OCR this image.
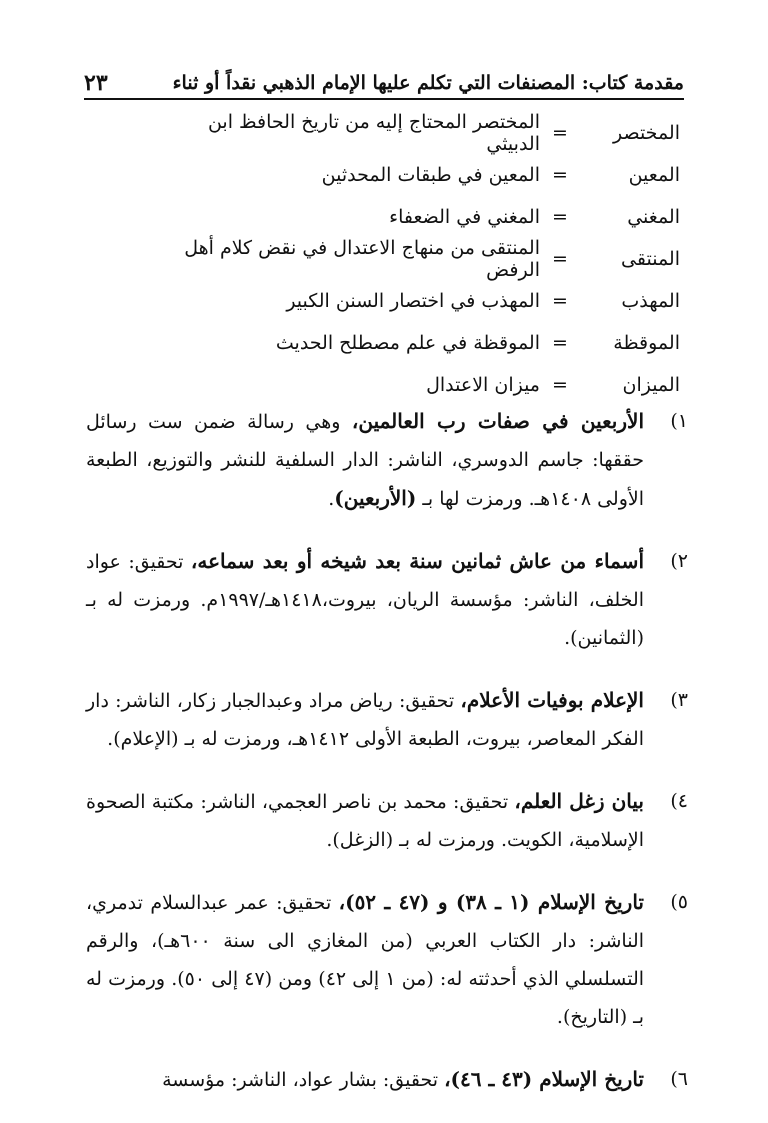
مقدمة كتاب: المصنفات التي تكلم عليها الإمام الذهبي نقداً أو ثناء
٢٣
المختصر
=
المختصر المحتاج إليه من تاريخ الحافظ ابن الدبيثي
المعين
=
المعين في طبقات المحدثين
المغني
=
المغني في الضعفاء
المنتقى
=
المنتقى من منهاج الاعتدال في نقض كلام أهل الرفض
المهذب
=
المهذب في اختصار السنن الكبير
الموقظة
=
الموقظة في علم مصطلح الحديث
الميزان
=
ميزان الاعتدال
١)
الأربعين في صفات رب العالمين، وهي رسالة ضمن ست رسائل حققها: جاسم الدوسري، الناشر: الدار السلفية للنشر والتوزيع، الطبعة الأولى ١٤٠٨هـ. ورمزت لها بـ (الأربعين).
٢)
أسماء من عاش ثمانين سنة بعد شيخه أو بعد سماعه، تحقيق: عواد الخلف، الناشر: مؤسسة الريان، بيروت،١٤١٨هـ/١٩٩٧م. ورمزت له بـ (الثمانين).
٣)
الإعلام بوفيات الأعلام، تحقيق: رياض مراد وعبدالجبار زكار، الناشر: دار الفكر المعاصر، بيروت، الطبعة الأولى ١٤١٢هـ، ورمزت له بـ (الإعلام).
٤)
بيان زغل العلم، تحقيق: محمد بن ناصر العجمي، الناشر: مكتبة الصحوة الإسلامية، الكويت. ورمزت له بـ (الزغل).
٥)
تاريخ الإسلام (١ ـ ٣٨) و (٤٧ ـ ٥٢)، تحقيق: عمر عبدالسلام تدمري، الناشر: دار الكتاب العربي (من المغازي الى سنة ٦٠٠هـ)، والرقم التسلسلي الذي أحدثته له: (من ١ إلى ٤٢) ومن (٤٧ إلى ٥٠). ورمزت له بـ (التاريخ).
٦)
تاريخ الإسلام (٤٣ ـ ٤٦)، تحقيق: بشار عواد، الناشر: مؤسسة
